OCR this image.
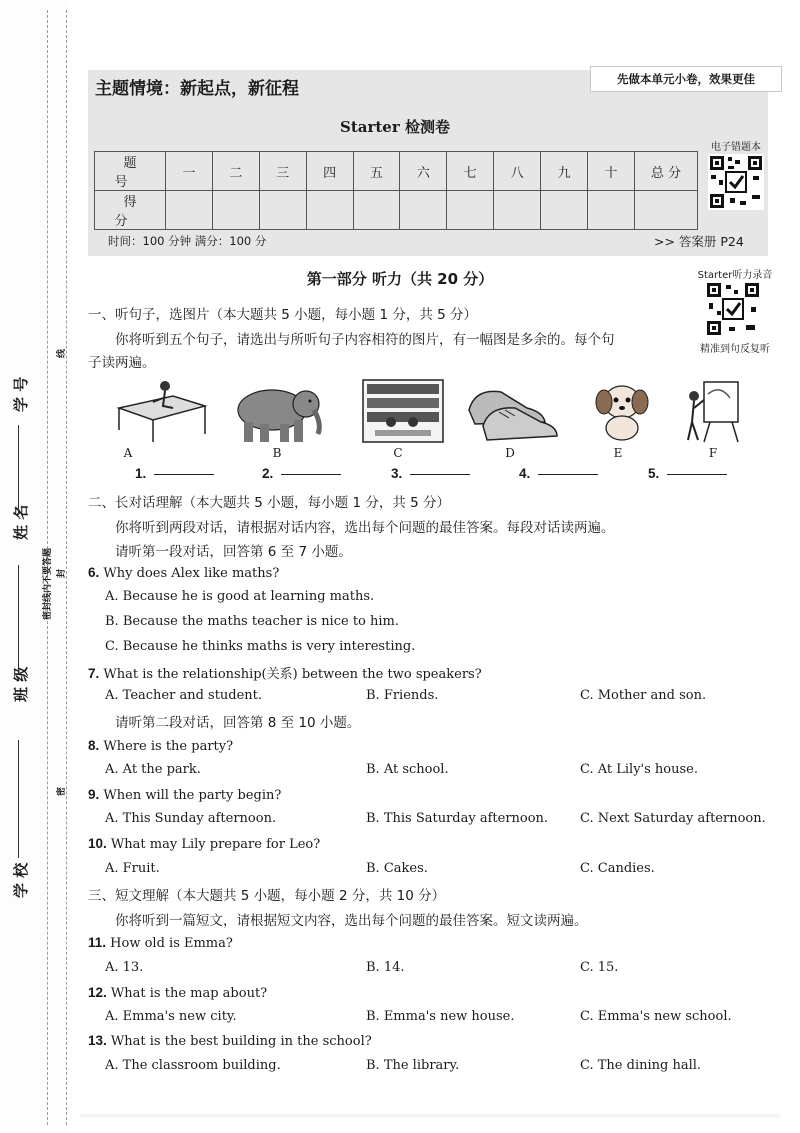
学 校
班 级
姓 名
学 号
线
密封线内不要答题 封
密
主题情境：新起点，新征程	先做本单元小卷，效果更佳
Starter 检测卷
题 号	一	二	三	四	五	六	七	八	九	十	总 分
得 分											
电子错题本
时间：100 分钟 满分：100 分	>> 答案册 P24
第一部分 听力（共 20 分）	Starter听力录音
精准到句反复听
一、听句子，选图片（本大题共 5 小题，每小题 1 分，共 5 分）
你将听到五个句子，请选出与所听句子内容相符的图片，有一幅图是多余的。每个句
子读两遍。
A	B	C	D	E	F
1.	2.	3.	4.	5.
二、长对话理解（本大题共 5 小题，每小题 1 分，共 5 分）
你将听到两段对话，请根据对话内容，选出每个问题的最佳答案。每段对话读两遍。
请听第一段对话，回答第 6 至 7 小题。
6. Why does Alex like maths?
A. Because he is good at learning maths.
B. Because the maths teacher is nice to him.
C. Because he thinks maths is very interesting.
7. What is the relationship(关系) between the two speakers?
A. Teacher and student.	B. Friends.	C. Mother and son.
请听第二段对话，回答第 8 至 10 小题。
8. Where is the party?
A. At the park.	B. At school.	C. At Lily's house.
9. When will the party begin?
A. This Sunday afternoon.	B. This Saturday afternoon. C. Next Saturday afternoon.
10. What may Lily prepare for Leo?
A. Fruit.	B. Cakes.	C. Candies.
三、短文理解（本大题共 5 小题，每小题 2 分，共 10 分）
你将听到一篇短文，请根据短文内容，选出每个问题的最佳答案。短文读两遍。
11. How old is Emma?
A. 13.	B. 14.	C. 15.
12. What is the map about?
A. Emma's new city.	B. Emma's new house.	C. Emma's new school.
13. What is the best building in the school?
A. The classroom building.	B. The library.	C. The dining hall.
